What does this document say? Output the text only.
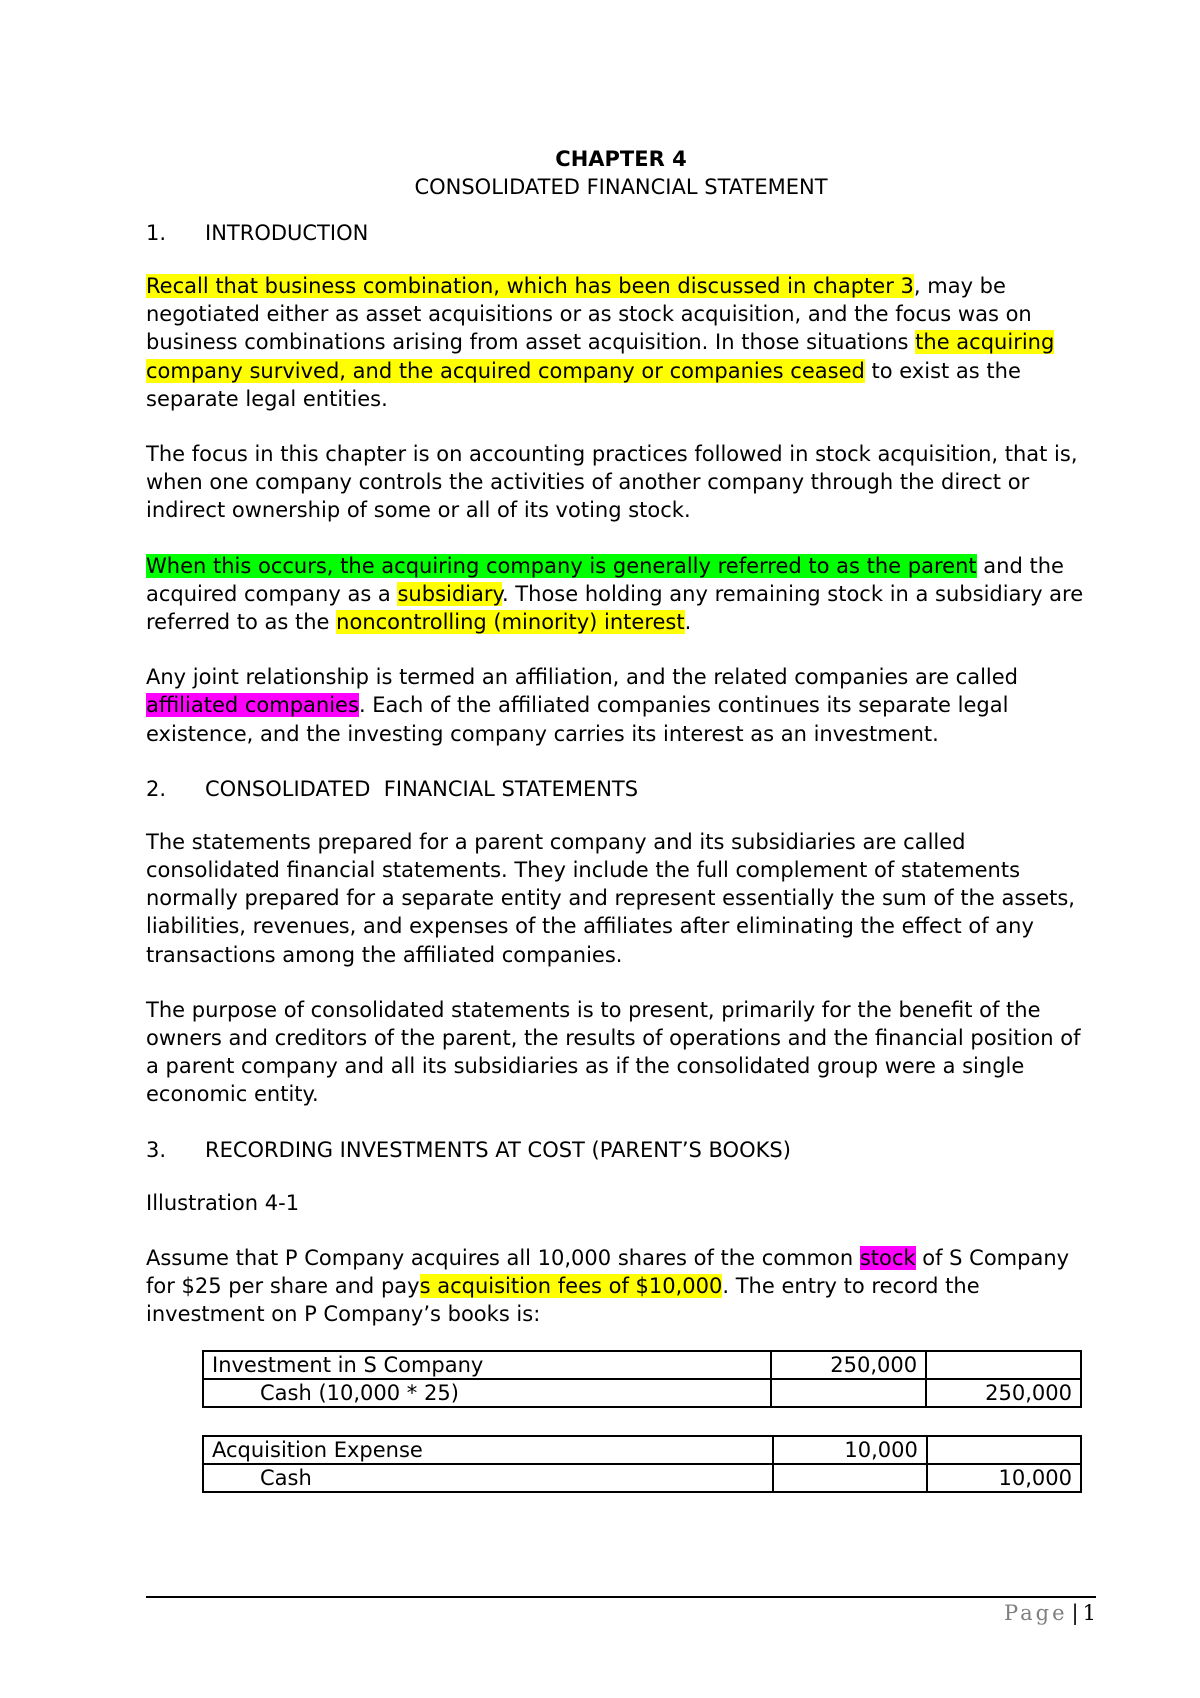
CHAPTER 4
CONSOLIDATED FINANCIAL STATEMENT
1.	INTRODUCTION

Recall that business combination, which has been discussed in chapter 3, may be negotiated either as asset acquisitions or as stock acquisition, and the focus was on business combinations arising from asset acquisition. In those situations the acquiring company survived, and the acquired company or companies ceased to exist as the separate legal entities.

The focus in this chapter is on accounting practices followed in stock acquisition, that is, when one company controls the activities of another company through the direct or indirect ownership of some or all of its voting stock.

When this occurs, the acquiring company is generally referred to as the parent and the acquired company as a subsidiary. Those holding any remaining stock in a subsidiary are referred to as the noncontrolling (minority) interest.

Any joint relationship is termed an affiliation, and the related companies are called affiliated companies. Each of the affiliated companies continues its separate legal existence, and the investing company carries its interest as an investment.

2.	CONSOLIDATED  FINANCIAL STATEMENTS

The statements prepared for a parent company and its subsidiaries are called consolidated financial statements. They include the full complement of statements normally prepared for a separate entity and represent essentially the sum of the assets, liabilities, revenues, and expenses of the affiliates after eliminating the effect of any transactions among the affiliated companies.

The purpose of consolidated statements is to present, primarily for the benefit of the owners and creditors of the parent, the results of operations and the financial position of a parent company and all its subsidiaries as if the consolidated group were a single economic entity.

3.	RECORDING INVESTMENTS AT COST (PARENT’S BOOKS)

Illustration 4-1

Assume that P Company acquires all 10,000 shares of the common stock of S Company for $25 per share and pays acquisition fees of $10,000. The entry to record the investment on P Company’s books is:

Investment in S Company	250,000	
Cash (10,000 * 25)		250,000
Acquisition Expense	10,000	
Cash		10,000
Page | 1
